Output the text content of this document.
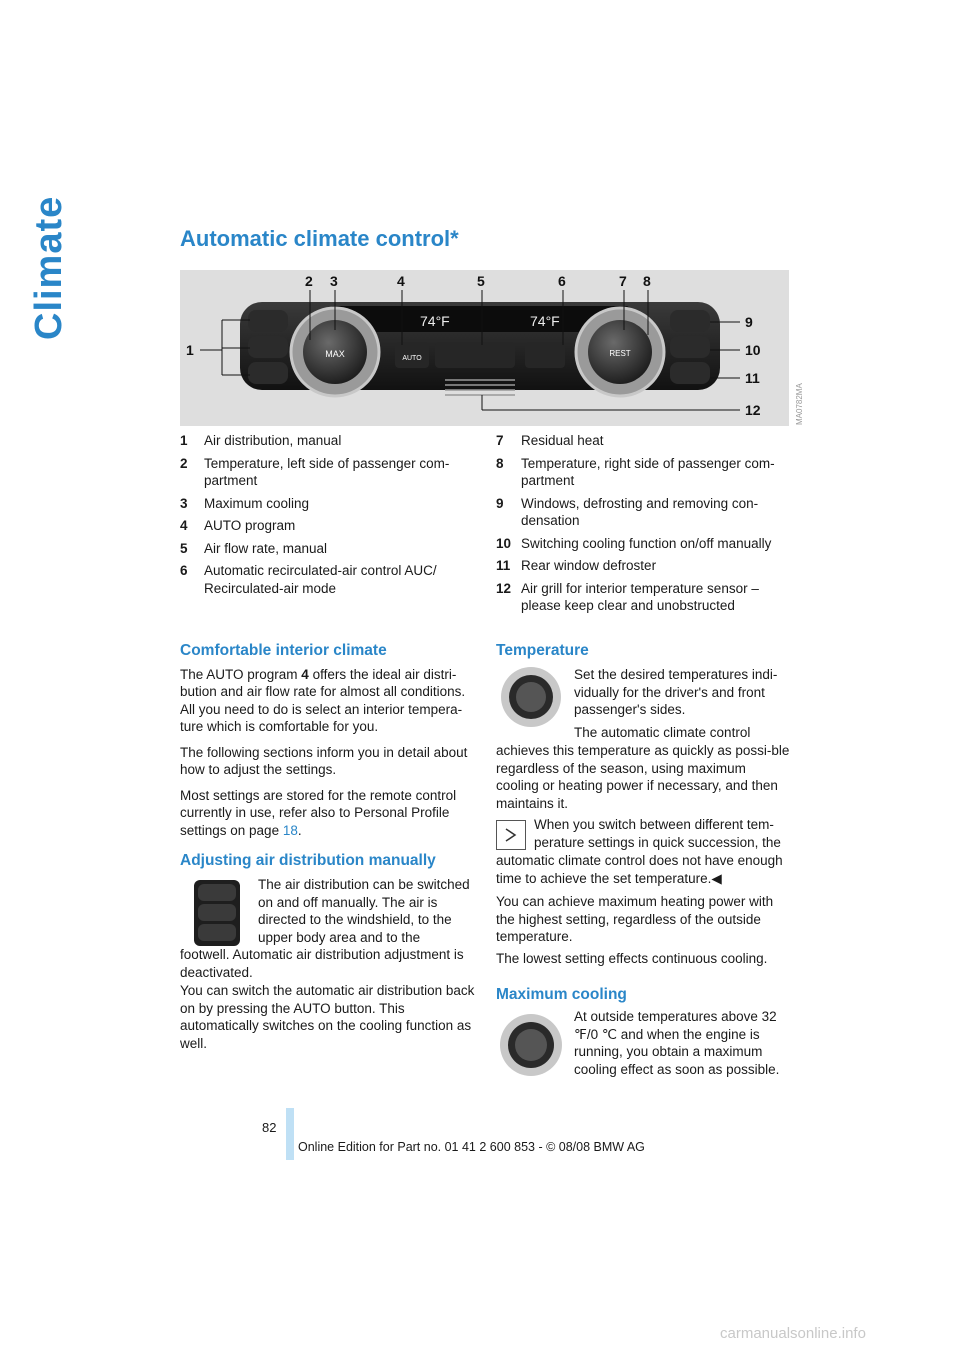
Climate	Automatic climate control*
MAX	REST
AUTO
74°F	74°F
1
2 3	4	5	6	7 8
9
10
11
12	MA0782MA
1	Air distribution, manual
2	Temperature, left side of passenger com-partment
3	Maximum cooling
4	AUTO program
5	Air flow rate, manual
6	Automatic recirculated-air control AUC/ Recirculated-air mode
7	Residual heat
8	Temperature, right side of passenger com-partment
9	Windows, defrosting and removing con-densation
10 Switching cooling function on/off manually
11 Rear window defroster
12 Air grill for interior temperature sensor – please keep clear and unobstructed
Comfortable interior climate

The AUTO program 4 offers the ideal air distri-bution and air flow rate for almost all conditions. All you need to do is select an interior tempera-ture which is comfortable for you.

The following sections inform you in detail about how to adjust the settings.

Most settings are stored for the remote control currently in use, refer also to Personal Profile settings on page 18.

Adjusting air distribution manually
The air distribution can be switched on and off manually. The air is directed to the windshield, to the upper body area and to the
footwell. Automatic air distribution adjustment is deactivated.
You can switch the automatic air distribution back on by pressing the AUTO button. This automatically switches on the cooling function as well.
Temperature
Set the desired temperatures indi-vidually for the driver's and front passenger's sides.
The automatic climate control
achieves this temperature as quickly as possi-ble regardless of the season, using maximum cooling or heating power if necessary, and then maintains it.
When you switch between different tem-perature settings in quick succession, the
automatic climate control does not have enough time to achieve the set temperature.◀
You can achieve maximum heating power with the highest setting, regardless of the outside temperature.
The lowest setting effects continuous cooling.
Maximum cooling
At outside temperatures above 32 ℉/0 ℃ and when the engine is running, you obtain a maximum cooling effect as soon as possible.
82
Online Edition for Part no. 01 41 2 600 853 - © 08/08 BMW AG
carmanualsonline.info
